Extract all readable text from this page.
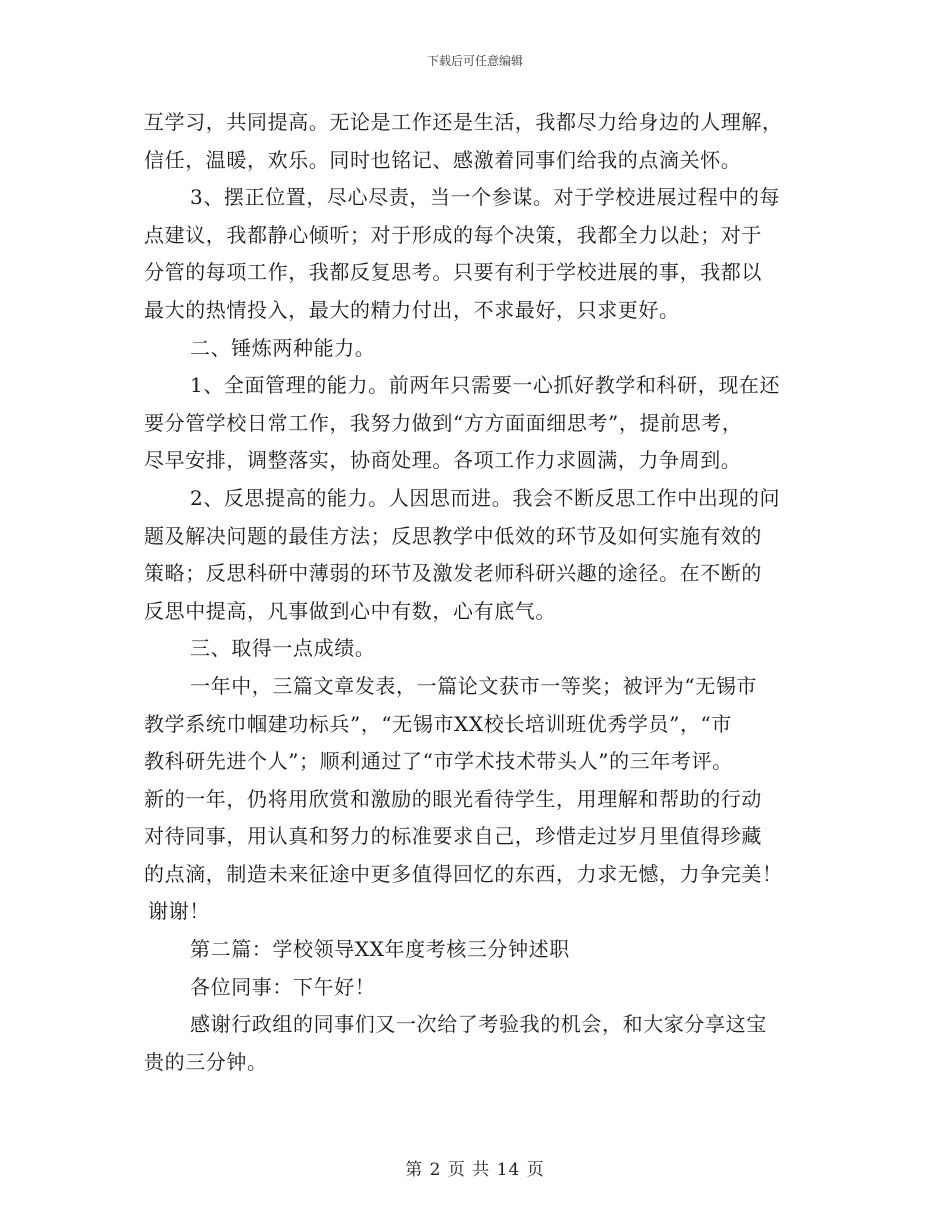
下载后可任意编辑
互学习，共同提高。无论是工作还是生活，我都尽力给身边的人理解，
信任，温暖，欢乐。同时也铭记、感激着同事们给我的点滴关怀。
3、摆正位置，尽心尽责，当一个参谋。对于学校进展过程中的每
点建议，我都静心倾听；对于形成的每个决策，我都全力以赴；对于
分管的每项工作，我都反复思考。只要有利于学校进展的事，我都以
最大的热情投入，最大的精力付出，不求最好，只求更好。
二、锤炼两种能力。
1、全面管理的能力。前两年只需要一心抓好教学和科研，现在还
要分管学校日常工作，我努力做到“方方面面细思考”，提前思考，
尽早安排，调整落实，协商处理。各项工作力求圆满，力争周到。
2、反思提高的能力。人因思而进。我会不断反思工作中出现的问
题及解决问题的最佳方法；反思教学中低效的环节及如何实施有效的
策略；反思科研中薄弱的环节及激发老师科研兴趣的途径。在不断的
反思中提高，凡事做到心中有数，心有底气。
三、取得一点成绩。
一年中，三篇文章发表，一篇论文获市一等奖；被评为“无锡市
教学系统巾帼建功标兵”，“无锡市XX校长培训班优秀学员”，“市
教科研先进个人”；顺利通过了“市学术技术带头人”的三年考评。
新的一年，仍将用欣赏和激励的眼光看待学生，用理解和帮助的行动
对待同事，用认真和努力的标准要求自己，珍惜走过岁月里值得珍藏
的点滴，制造未来征途中更多值得回忆的东西，力求无憾，力争完美！
谢谢！
第二篇：学校领导XX年度考核三分钟述职
各位同事：下午好！
感谢行政组的同事们又一次给了考验我的机会，和大家分享这宝
贵的三分钟。
第 2 页 共 14 页
